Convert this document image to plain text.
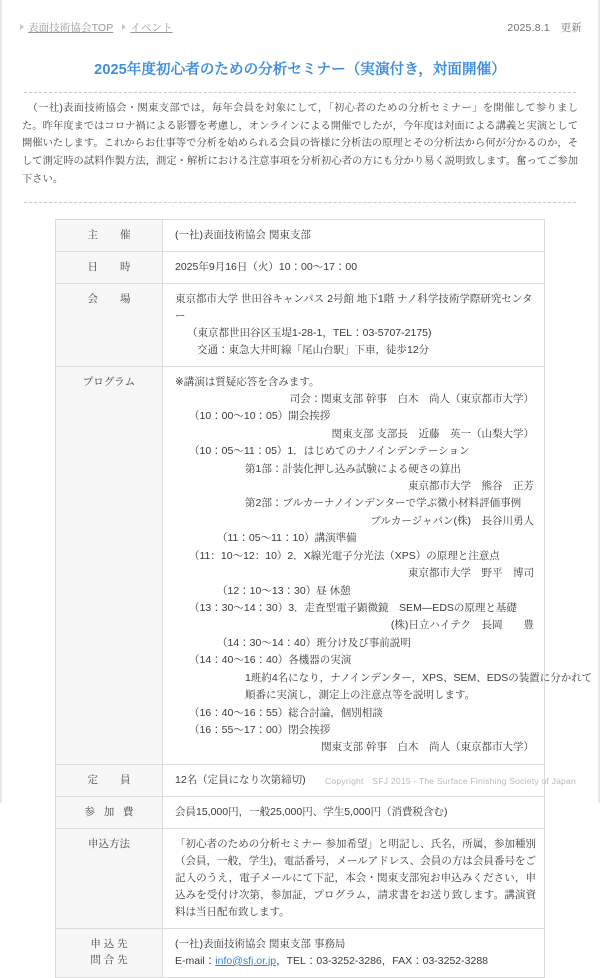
表面技術協会TOP イベント	2025.8.1　更新
2025年度初心者のための分析セミナー（実演付き，対面開催）

　（一社)表面技術協会・関東支部では，毎年会員を対象にして，「初心者のための分析セミナー」を開催して参りました。昨年度まではコロナ禍による影響を考慮し，オンラインによる開催でしたが，今年度は対面による講義と実演として開催いたします。これからお仕事等で分析を始められる会員の皆様に分析法の原理とその分析法から何が分かるのか，そして測定時の試料作製方法，測定・解析における注意事項を分析初心者の方にも分かり易く説明致します。奮ってご参加下さい。

主　催	(一社)表面技術協会 関東支部
日　時	2025年9月16日（火）10：00〜17：00
会　場	東京都市大学 世田谷キャンパス 2号館 地下1階 ナノ科学技術学際研究センター
（東京都世田谷区玉堤1-28-1，TEL：03-5707-2175)
交通：東急大井町線「尾山台駅」下車，徒歩12分

プログラム	※講演は質疑応答を含みます。
司会：関東支部 幹事　白木　尚人（東京都市大学）
（10：00〜10：05）開会挨拶
関東支部 支部長　近藤　英一（山梨大学）
（10：05〜11：05）1．はじめてのナノインデンテーション
第1部：計装化押し込み試験による硬さの算出
東京都市大学　熊谷　正芳
第2部：ブルカーナノインデンターで学ぶ微小材料評価事例
ブルカージャパン(株)　長谷川勇人
（11：05〜11：10）講演準備
（11：10〜12：10）2．X線光電子分光法（XPS）の原理と注意点
東京都市大学　野平　博司
（12：10〜13：30）昼 休憩
（13：30〜14：30）3．走査型電子顕微鏡　SEM—EDSの原理と基礎
(株)日立ハイテク　長岡　　豊
（14：30〜14：40）班分け及び事前説明
（14：40〜16：40）各機器の実演
1班約4名になり，ナノインデンター，XPS、SEM、EDSの装置に分かれて
順番に実演し，測定上の注意点等を説明します。
（16：40〜16：55）総合討論，個別相談
（16：55〜17：00）閉会挨拶
関東支部 幹事　白木　尚人（東京都市大学）

定　員	12名（定員になり次第締切)
参 加 費	会員15,000円，一般25,000円、学生5,000円（消費税含む)
申込方法	「初心者のための分析セミナー 参加希望」と明記し、氏名，所属，参加種別（会員，一般，学生)，電話番号，メールアドレス、会員の方は会員番号をご記入のうえ，電子メールにて下記，本会・関東支部宛お申込みください，申込みを受付け次第，参加証，プログラム，請求書をお送り致します。講演資料は当日配布致します。

申 込 先
問 合 先	(一社)表面技術協会 関東支部 事務局
E-mail：info@sfj.or.jp，TEL：03-3252-3286，FAX：03-3252-3288
Copyright　SFJ 2015 - The Surface Finishing Society of Japan
